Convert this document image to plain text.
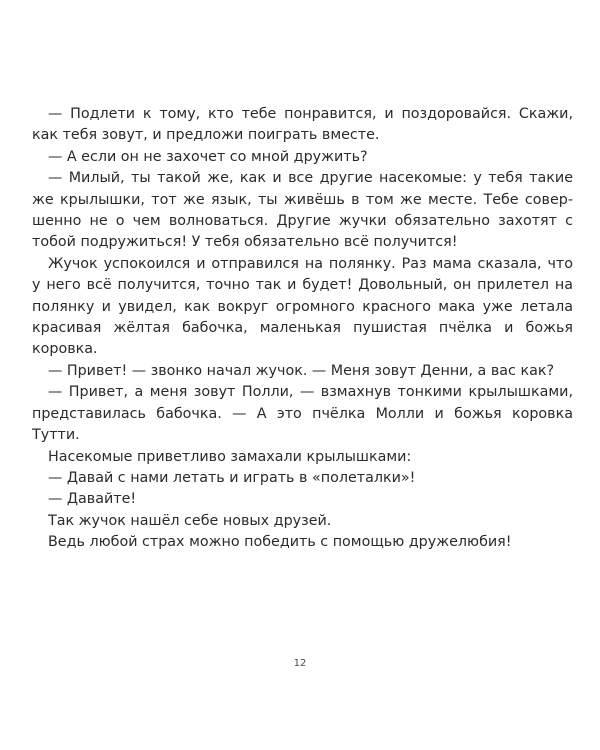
— Подлети к тому, кто тебе понравится, и поздоровайся. Скажи, как тебя зовут, и предложи поиграть вместе.

— А если он не захочет со мной дружить?

— Милый, ты такой же, как и все другие насекомые: у тебя такие же крылышки, тот же язык, ты живёшь в том же месте. Тебе совершенно не о чем волноваться. Другие жучки обязательно захотят с тобой подружиться! У тебя обязательно всё получится!

Жучок успокоился и отправился на полянку. Раз мама сказала, что у него всё получится, точно так и будет! Довольный, он прилетел на полянку и увидел, как вокруг огромного красного мака уже летала красивая жёлтая бабочка, маленькая пушистая пчёлка и божья коровка.

— Привет! — звонко начал жучок. — Меня зовут Денни, а вас как?

— Привет, а меня зовут Полли, — взмахнув тонкими крылышками, представилась бабочка. — А это пчёлка Молли и божья коровка Тутти.

Насекомые приветливо замахали крылышками:

— Давай с нами летать и играть в «полеталки»!

— Давайте!

Так жучок нашёл себе новых друзей.

Ведь любой страх можно победить с помощью дружелюбия!

12
